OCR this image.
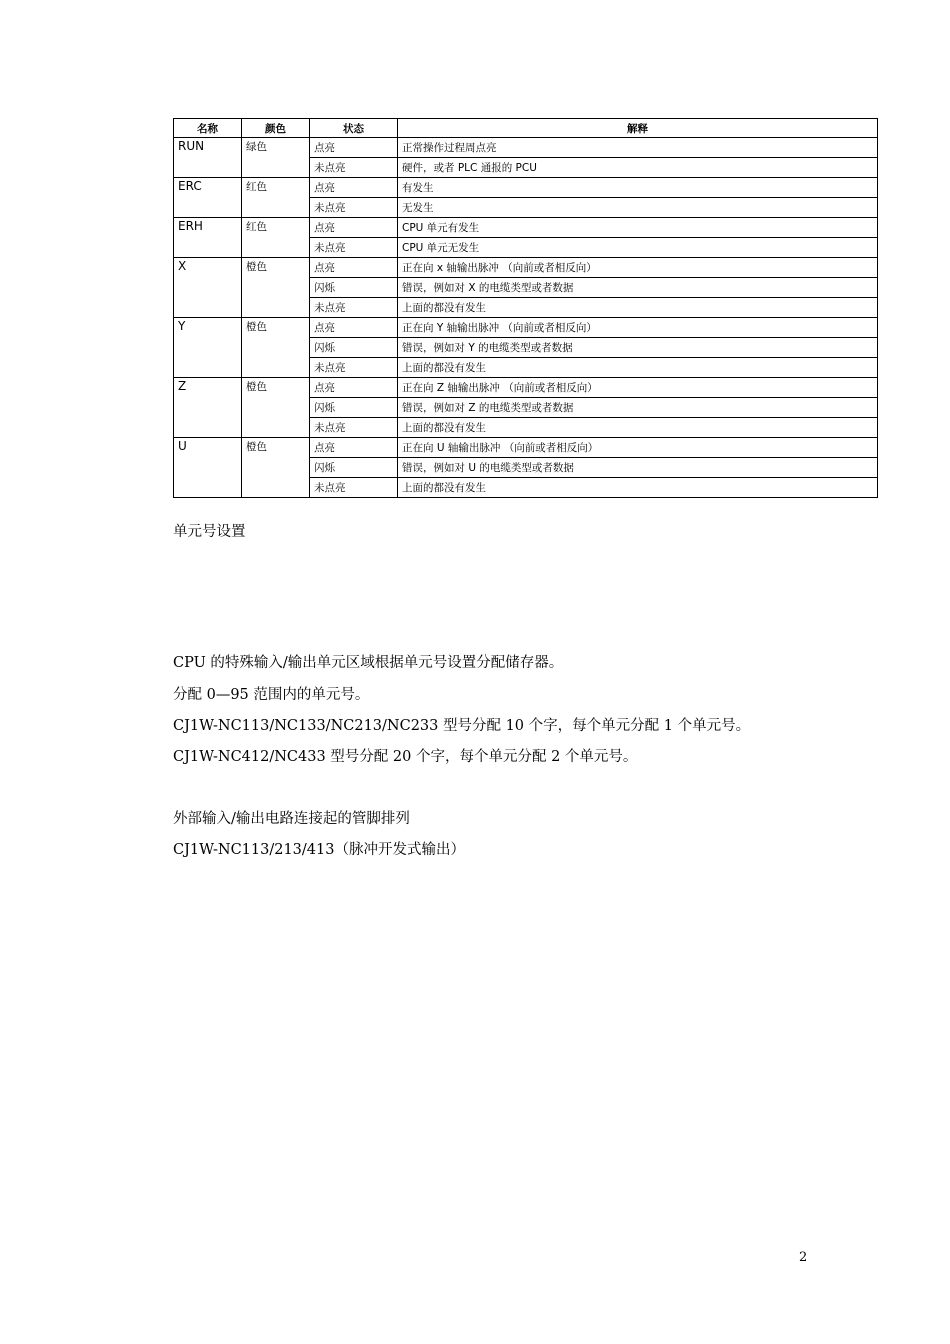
名称	颜色	状态	解释
RUN	绿色	点亮	正常操作过程周点亮
		未点亮	硬件，或者 PLC 通报的 PCU
ERC	红色	点亮	有发生
		未点亮	无发生
ERH	红色	点亮	CPU 单元有发生
		未点亮	CPU 单元无发生
X	橙色	点亮	正在向 x 轴输出脉冲 （向前或者相反向）
		闪烁	错误，例如对 X 的电缆类型或者数据
		未点亮	上面的都没有发生
Y	橙色	点亮	正在向 Y 轴输出脉冲 （向前或者相反向）
		闪烁	错误，例如对 Y 的电缆类型或者数据
		未点亮	上面的都没有发生
Z	橙色	点亮	正在向 Z 轴输出脉冲 （向前或者相反向）
		闪烁	错误，例如对 Z 的电缆类型或者数据
		未点亮	上面的都没有发生
U	橙色	点亮	正在向 U 轴输出脉冲 （向前或者相反向）
		闪烁	错误，例如对 U 的电缆类型或者数据
		未点亮	上面的都没有发生

单元号设置

CPU 的特殊输入/输出单元区域根据单元号设置分配储存器。

分配 0—95 范围内的单元号。

CJ1W-NC113/NC133/NC213/NC233 型号分配 10 个字，每个单元分配 1 个单元号。

CJ1W-NC412/NC433 型号分配 20 个字，每个单元分配 2 个单元号。

外部输入/输出电路连接起的管脚排列

CJ1W-NC113/213/413（脉冲开发式输出）

2
